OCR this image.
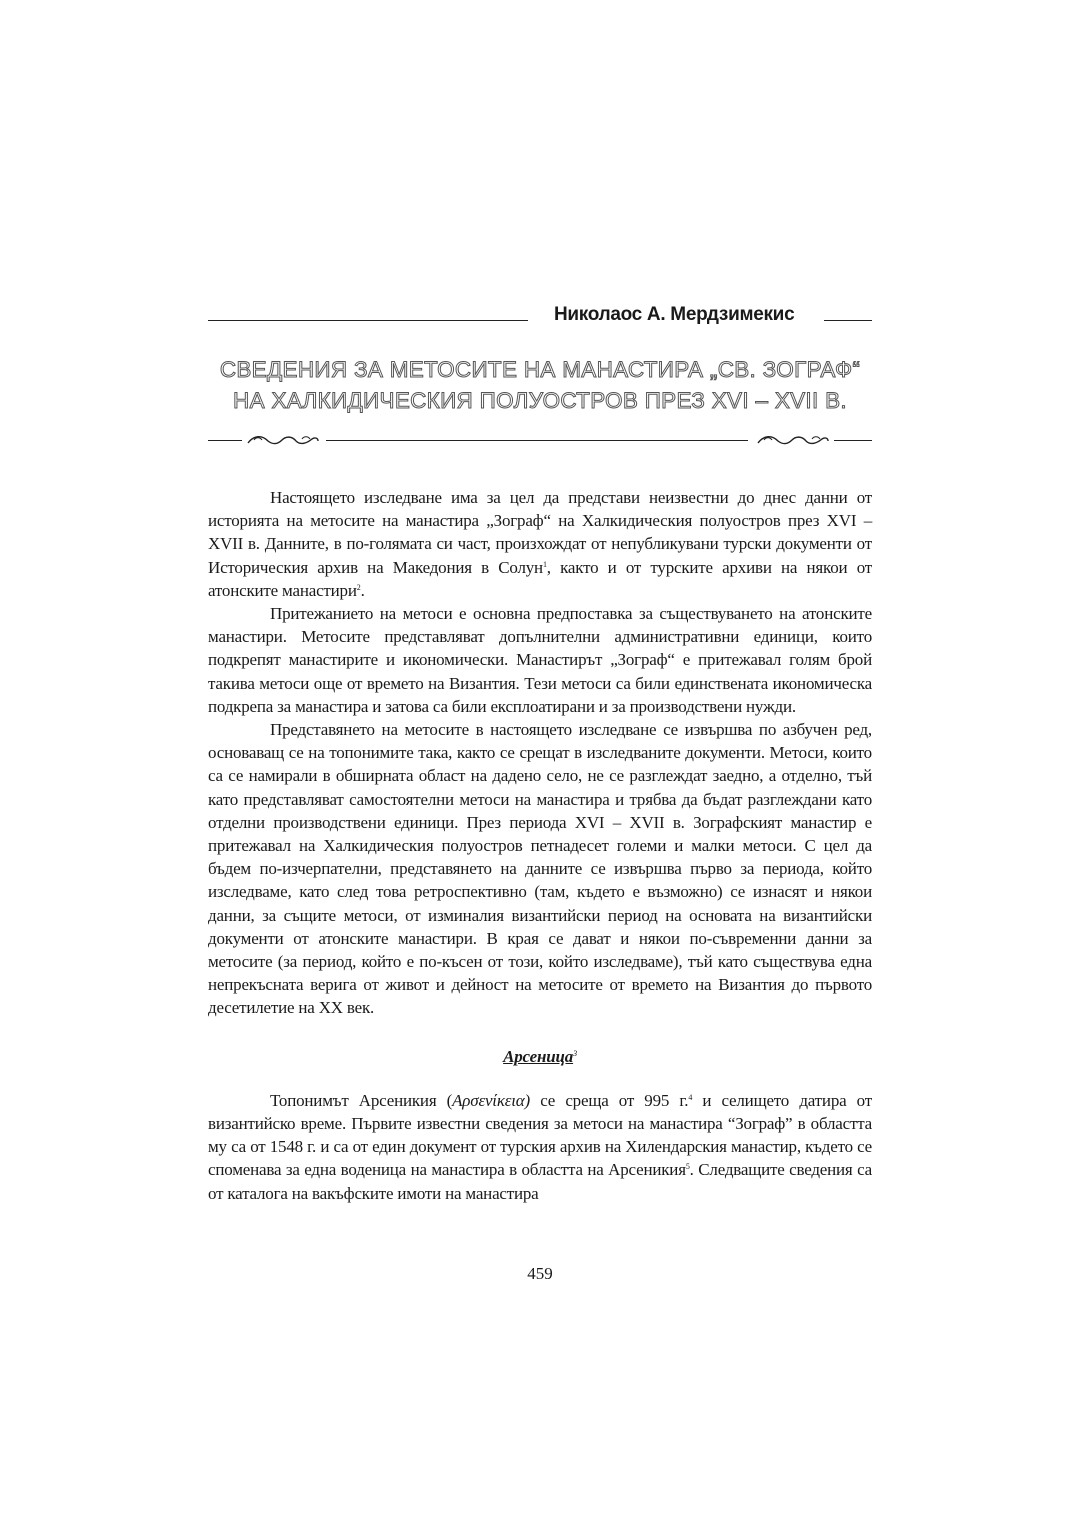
Николаос А. Мердзимекис
СВЕДЕНИЯ ЗА МЕТОСИТЕ НА МАНАСТИРА „СВ. ЗОГРАФ“
НА ХАЛКИДИЧЕСКИЯ ПОЛУОСТРОВ ПРЕЗ XVI – XVII В.

Настоящето изследване има за цел да представи неизвестни до днес данни от историята на метосите на манастира „Зограф“ на Халкидическия полуостров през XVI – XVII в. Данните, в по-голямата си част, произхождат от непубликувани турски документи от Историческия архив на Македония в Солун$^1$, както и от турските архиви на някои от атонските манастири$^2$.

Притежанието на метоси е основна предпоставка за съществуването на атонските манастири. Метосите представляват допълнителни административни единици, които подкрепят манастирите и икономически. Манастирът „Зограф“ е притежавал голям брой такива метоси още от времето на Византия. Тези метоси са били единствената икономическа подкрепа за манастира и затова са били експлоатирани и за производствени нужди.

Представянето на метосите в настоящето изследване се извършва по азбучен ред, основаващ се на топонимите така, както се срещат в изследваните документи. Метоси, които са се намирали в обширната област на дадено село, не се разглеждат заедно, а отделно, тъй като представляват самостоятелни метоси на манастира и трябва да бъдат разглеждани като отделни производствени единици. През периода XVI – XVII в. Зографският манастир е притежавал на Халкидическия полуостров петнадесет големи и малки метоси. С цел да бъдем по-изчерпателни, представянето на данните се извършва първо за периода, който изследваме, като след това ретроспективно (там, където е възможно) се изнасят и някои данни, за същите метоси, от изминалия византийски период на основата на византийски документи от атонските манастири. В края се дават и някои по-съвременни данни за метосите (за период, който е по-късен от този, който изследваме), тъй като съществува една непрекъсната верига от живот и дейност на метосите от времето на Византия до първото десетилетие на XX век.

Арсеница$^3$

Топонимът Арсеникия (Αρσενίκεια) се среща от 995 г.$^4$ и селището датира от византийско време. Първите известни сведения за метоси на манастира “Зограф” в областта му са от 1548 г. и са от един документ от турския архив на Хилендарския манастир, където се споменава за една воденица на манастира в областта на Арсеникия$^5$. Следващите сведения са от каталога на вакъфските имоти на манастира

459
